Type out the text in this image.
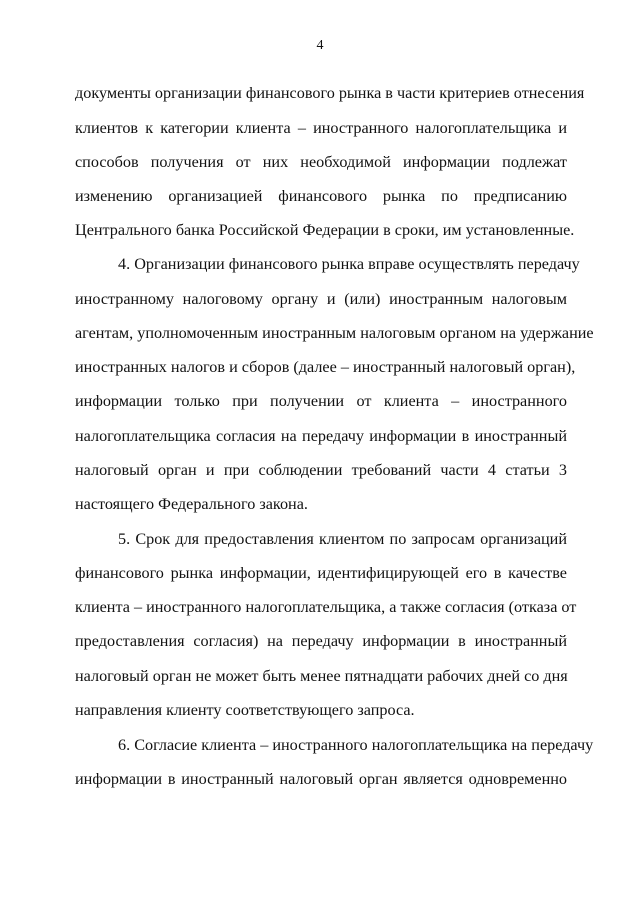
4
документы организации финансового рынка в части критериев отнесения
клиентов к категории клиента – иностранного налогоплательщика и
способов получения от них необходимой информации подлежат
изменению организацией финансового рынка по предписанию
Центрального банка Российской Федерации в сроки, им установленные.
4. Организации финансового рынка вправе осуществлять передачу
иностранному налоговому органу и (или) иностранным налоговым
агентам, уполномоченным иностранным налоговым органом на удержание
иностранных налогов и сборов (далее – иностранный налоговый орган),
информации только при получении от клиента – иностранного
налогоплательщика согласия на передачу информации в иностранный
налоговый орган и при соблюдении требований части 4 статьи 3
настоящего Федерального закона.
5. Срок для предоставления клиентом по запросам организаций
финансового рынка информации, идентифицирующей его в качестве
клиента – иностранного налогоплательщика, а также согласия (отказа от
предоставления согласия) на передачу информации в иностранный
налоговый орган не может быть менее пятнадцати рабочих дней со дня
направления клиенту соответствующего запроса.
6. Согласие клиента – иностранного налогоплательщика на передачу
информации в иностранный налоговый орган является одновременно
